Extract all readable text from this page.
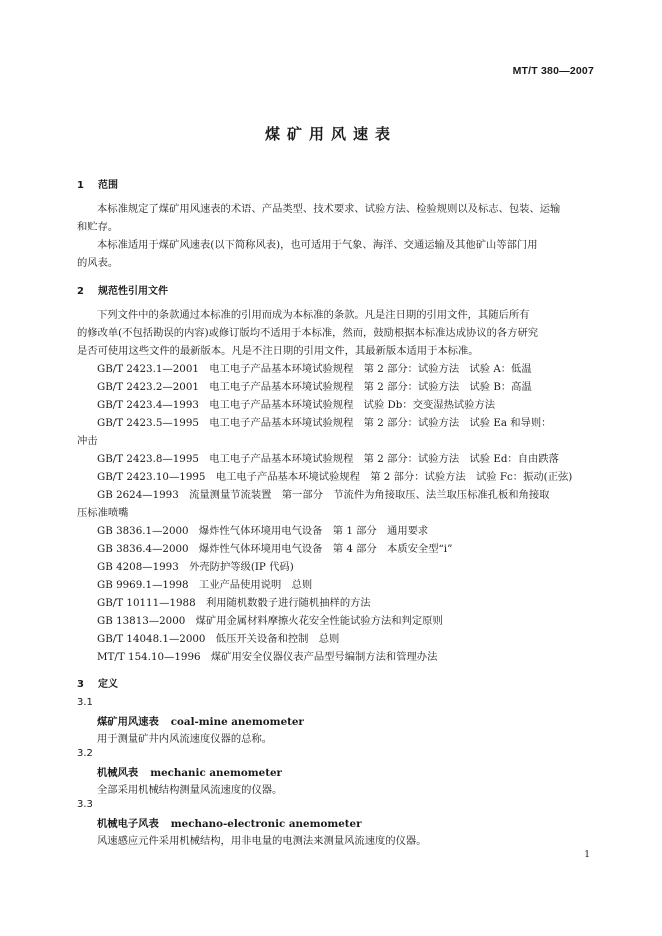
MT/T 380—2007
煤矿用风速表
1 范围
本标准规定了煤矿用风速表的术语、产品类型、技术要求、试验方法、检验规则以及标志、包装、运输
和贮存。
本标准适用于煤矿风速表(以下简称风表)，也可适用于气象、海洋、交通运输及其他矿山等部门用
的风表。
2 规范性引用文件
下列文件中的条款通过本标准的引用而成为本标准的条款。凡是注日期的引用文件，其随后所有
的修改单(不包括勘误的内容)或修订版均不适用于本标准，然而，鼓励根据本标准达成协议的各方研究
是否可使用这些文件的最新版本。凡是不注日期的引用文件，其最新版本适用于本标准。
GB/T 2423.1—2001　电工电子产品基本环境试验规程　第 2 部分：试验方法　试验 A：低温
GB/T 2423.2—2001　电工电子产品基本环境试验规程　第 2 部分：试验方法　试验 B：高温
GB/T 2423.4—1993　电工电子产品基本环境试验规程　试验 Db：交变湿热试验方法
GB/T 2423.5—1995　电工电子产品基本环境试验规程　第 2 部分：试验方法　试验 Ea 和导则：
冲击
GB/T 2423.8—1995　电工电子产品基本环境试验规程　第 2 部分：试验方法　试验 Ed：自由跌落
GB/T 2423.10—1995　电工电子产品基本环境试验规程　第 2 部分：试验方法　试验 Fc：振动(正弦)
GB 2624—1993　流量测量节流装置　第一部分　节流件为角接取压、法兰取压标准孔板和角接取
压标准喷嘴
GB 3836.1—2000　爆炸性气体环境用电气设备　第 1 部分　通用要求
GB 3836.4—2000　爆炸性气体环境用电气设备　第 4 部分　本质安全型“i”
GB 4208—1993　外壳防护等级(IP 代码)
GB 9969.1—1998　工业产品使用说明　总则
GB/T 10111—1988　利用随机数骰子进行随机抽样的方法
GB 13813—2000　煤矿用金属材料摩擦火花安全性能试验方法和判定原则
GB/T 14048.1—2000　低压开关设备和控制　总则
MT/T 154.10—1996　煤矿用安全仪器仪表产品型号编制方法和管理办法
3 定义
3.1
煤矿用风速表 coal-mine anemometer
用于测量矿井内风流速度仪器的总称。
3.2
机械风表 mechanic anemometer
全部采用机械结构测量风流速度的仪器。
3.3
机械电子风表 mechano-electronic anemometer
风速感应元件采用机械结构，用非电量的电测法来测量风流速度的仪器。
1
